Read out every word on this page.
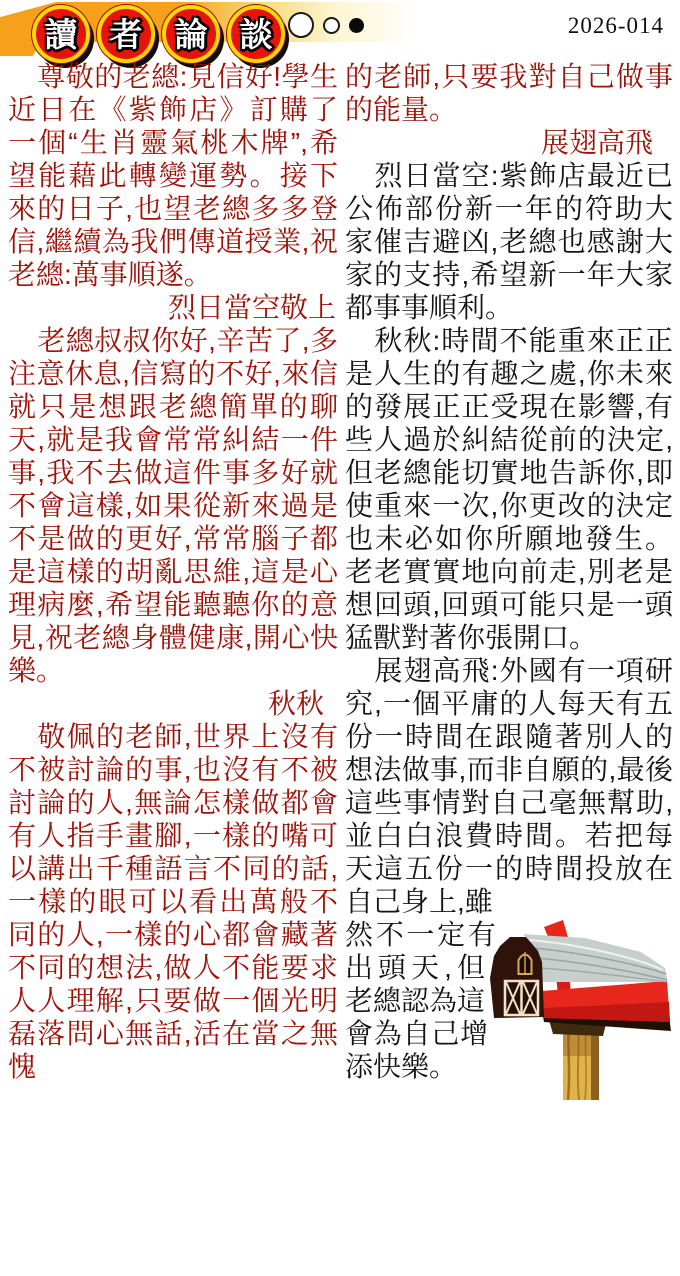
讀 者 論 談	2026-014

尊敬的老總:見信好!學生近日在《紫飾店》訂購了一個“生肖靈氣桃木牌”,希望能藉此轉變運勢。接下來的日子,也望老總多多登信,繼續為我們傳道授業,祝老總:萬事順遂。

烈日當空敬上

老總叔叔你好,辛苦了,多注意休息,信寫的不好,來信就只是想跟老總簡單的聊天,就是我會常常糾結一件事,我不去做這件事多好就不會這樣,如果從新來過是不是做的更好,常常腦子都是這樣的胡亂思維,這是心理病麼,希望能聽聽你的意見,祝老總身體健康,開心快樂。

秋秋

敬佩的老師,世界上沒有不被討論的事,也沒有不被討論的人,無論怎樣做都會有人指手畫腳,一樣的嘴可以講出千種語言不同的話,一樣的眼可以看出萬般不同的人,一樣的心都會藏著不同的想法,做人不能要求人人理解,只要做一個光明磊落問心無話,活在當之無愧

的老師,只要我對自己做事的能量。

展翅高飛

烈日當空:紫飾店最近已公佈部份新一年的符助大家催吉避凶,老總也感謝大家的支持,希望新一年大家都事事順利。

秋秋:時間不能重來正正是人生的有趣之處,你未來的發展正正受現在影響,有些人過於糾結從前的決定,但老總能切實地告訴你,即使重來一次,你更改的決定也未必如你所願地發生。老老實實地向前走,別老是想回頭,回頭可能只是一頭猛獸對著你張開口。

展翅高飛:外國有一項研究,一個平庸的人每天有五份一時間在跟隨著別人的想法做事,而非自願的,最後這些事情對自己毫無幫助,並白白浪費時間。若把每天這五份一的時間投放在自己身上,雖

然不一定有出頭天,但老總認為這會為自己增添快樂。
